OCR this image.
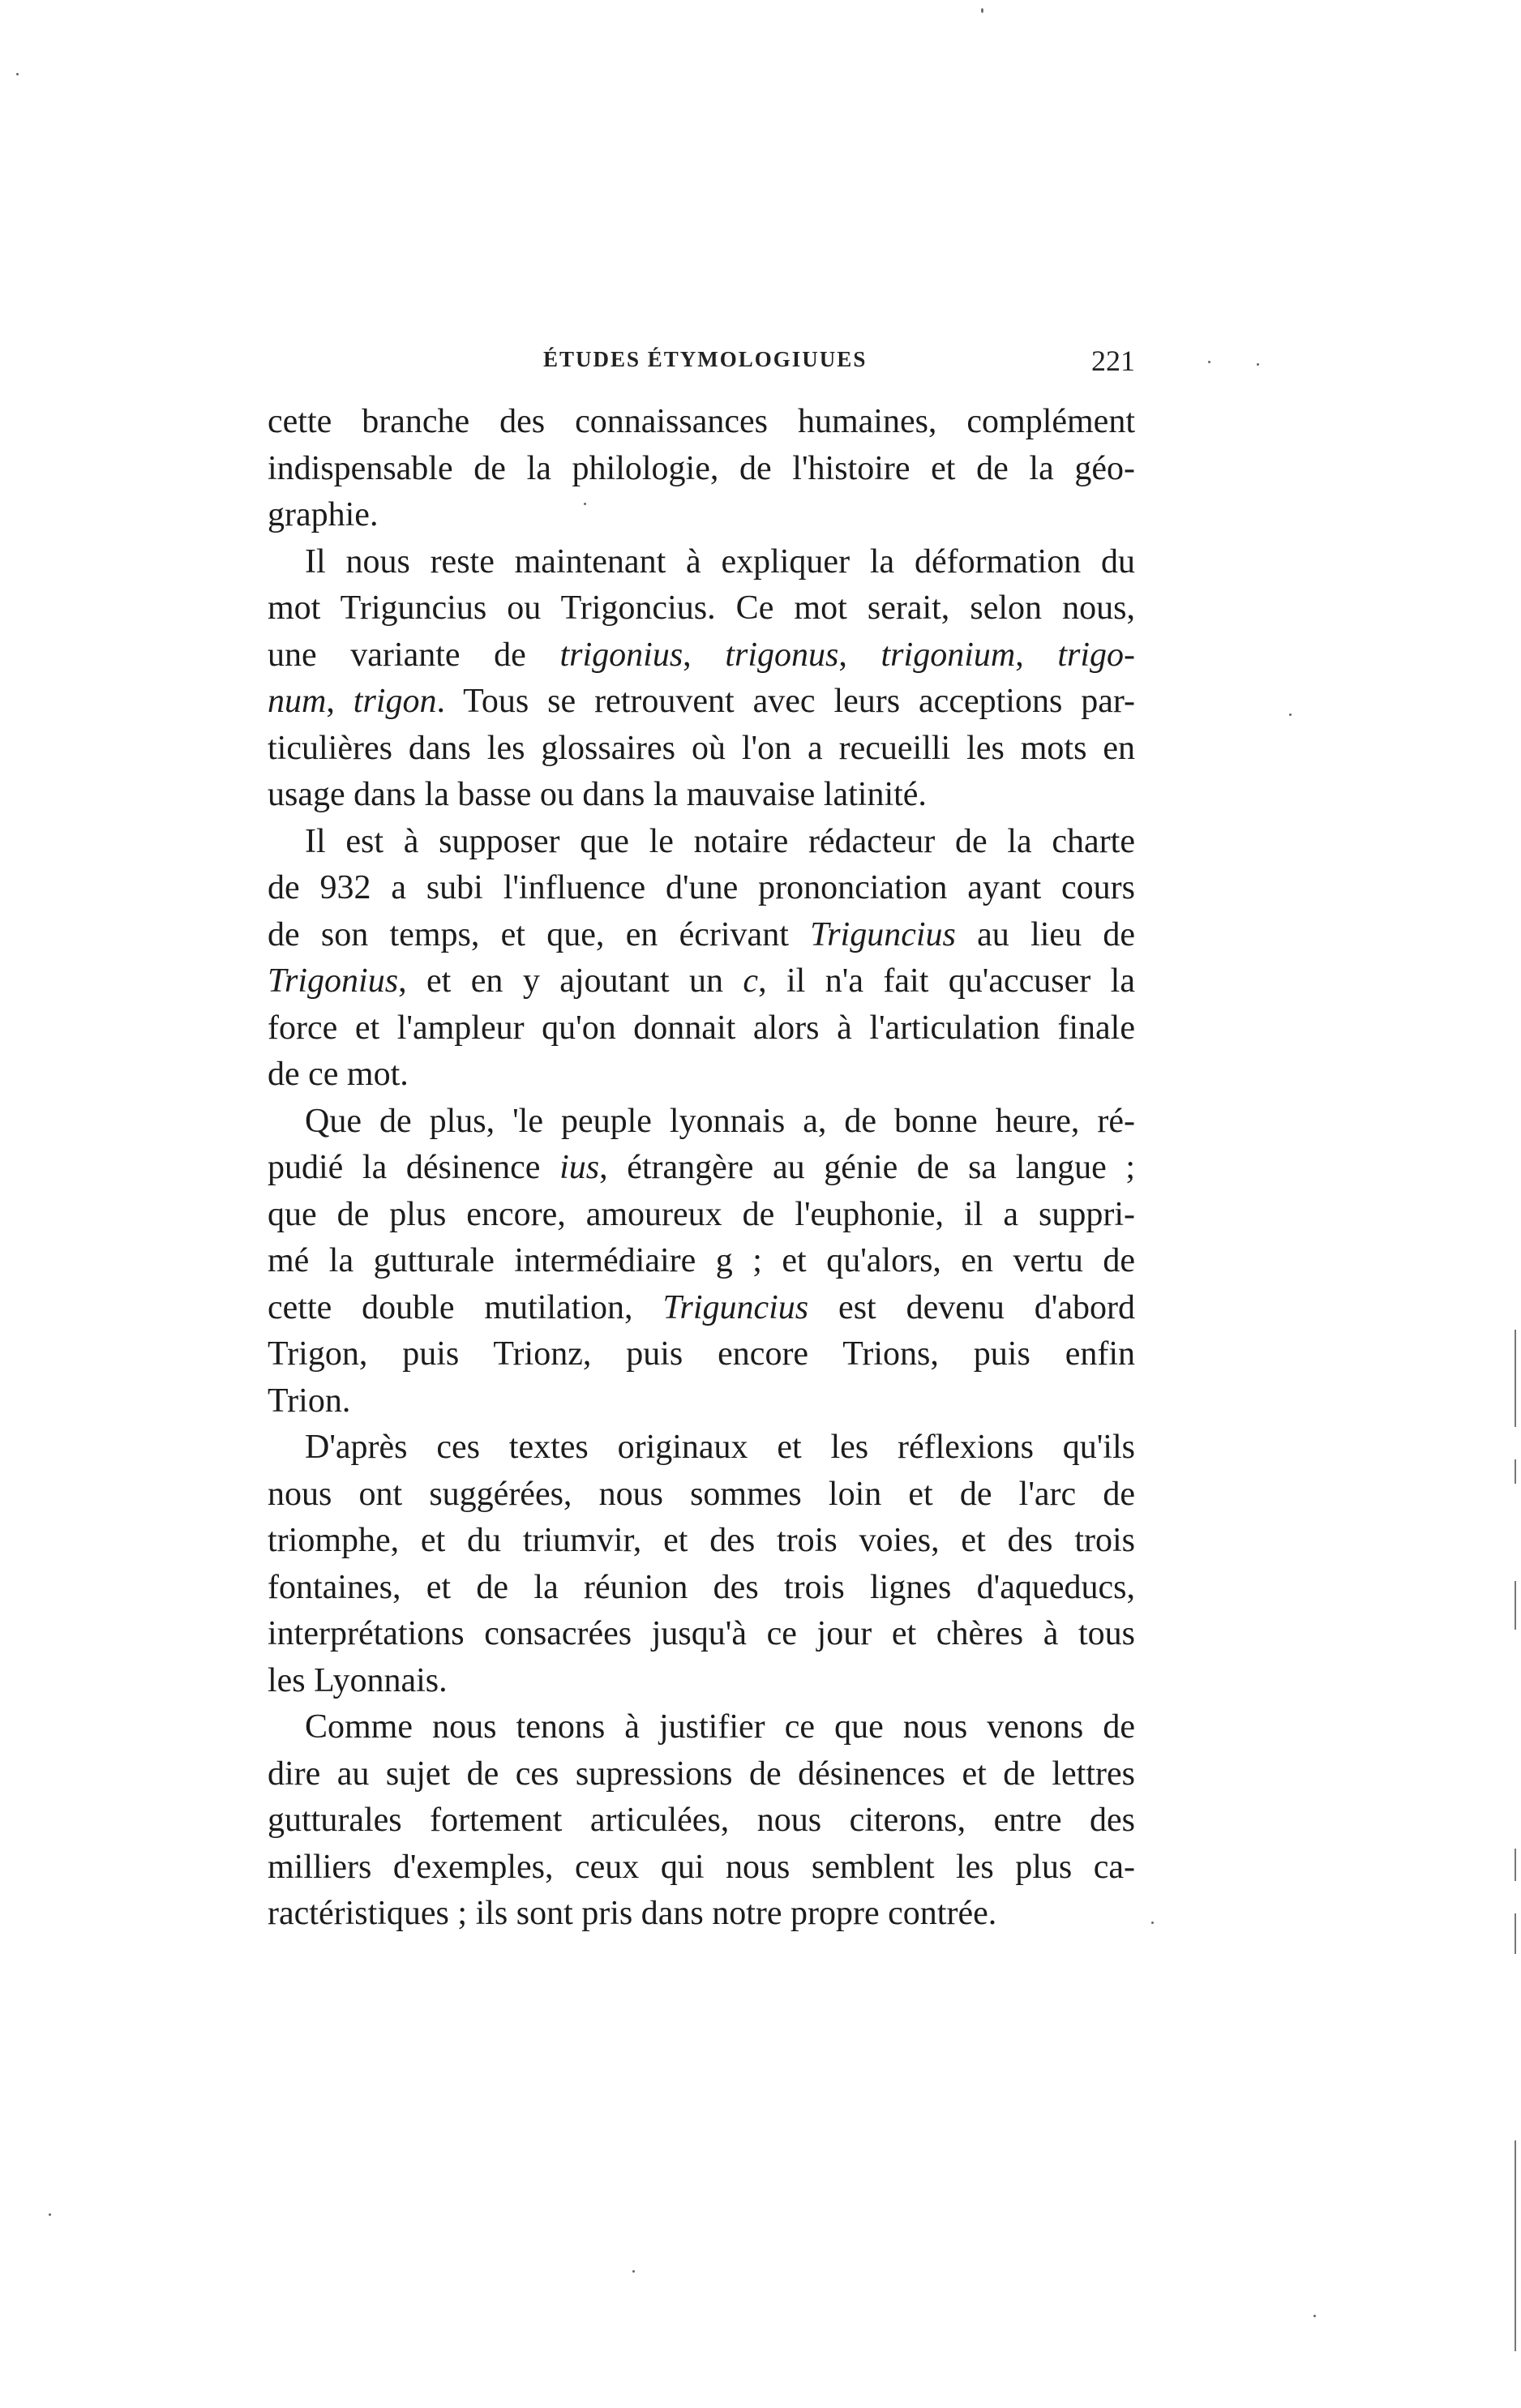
ÉTUDES ÉTYMOLOGIUUES	221
cette branche des connaissances humaines, complément
indispensable de la philologie, de l'histoire et de la géo-
graphie.
Il nous reste maintenant à expliquer la déformation du
mot Triguncius ou Trigoncius. Ce mot serait, selon nous,
une variante de trigonius, trigonus, trigonium, trigo-
num, trigon. Tous se retrouvent avec leurs acceptions par-
ticulières dans les glossaires où l'on a recueilli les mots en
usage dans la basse ou dans la mauvaise latinité.
Il est à supposer que le notaire rédacteur de la charte
de 932 a subi l'influence d'une prononciation ayant cours
de son temps, et que, en écrivant Triguncius au lieu de
Trigonius, et en y ajoutant un c, il n'a fait qu'accuser la
force et l'ampleur qu'on donnait alors à l'articulation finale
de ce mot.
Que de plus, 'le peuple lyonnais a, de bonne heure, ré-
pudié la désinence ius, étrangère au génie de sa langue ;
que de plus encore, amoureux de l'euphonie, il a suppri-
mé la gutturale intermédiaire g ; et qu'alors, en vertu de
cette double mutilation, Triguncius est devenu d'abord
Trigon, puis Trionz, puis encore Trions, puis enfin
Trion.
D'après ces textes originaux et les réflexions qu'ils
nous ont suggérées, nous sommes loin et de l'arc de
triomphe, et du triumvir, et des trois voies, et des trois
fontaines, et de la réunion des trois lignes d'aqueducs,
interprétations consacrées jusqu'à ce jour et chères à tous
les Lyonnais.
Comme nous tenons à justifier ce que nous venons de
dire au sujet de ces supressions de désinences et de lettres
gutturales fortement articulées, nous citerons, entre des
milliers d'exemples, ceux qui nous semblent les plus ca-
ractéristiques ; ils sont pris dans notre propre contrée.
